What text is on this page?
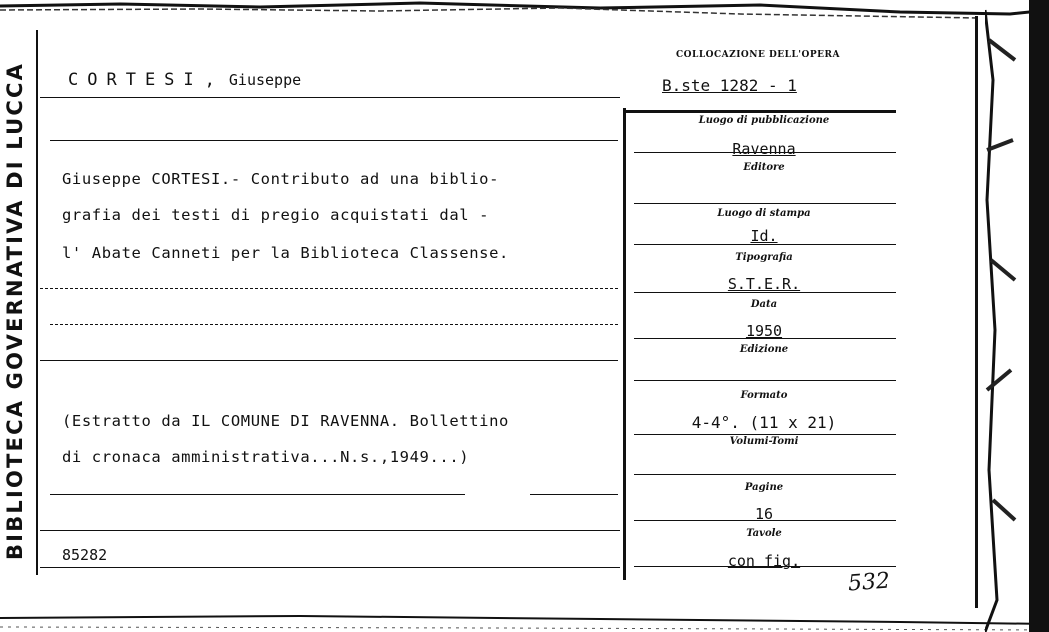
BIBLIOTECA GOVERNATIVA DI LUCCA
COLLOCAZIONE DELL'OPERA
B.ste 1282 - 1
CORTESI , Giuseppe
Giuseppe CORTESI.- Contributo ad una biblio-
grafia dei testi di pregio acquistati dal -
l' Abate Canneti per la Biblioteca Classense.
(Estratto da IL COMUNE DI RAVENNA. Bollettino
di cronaca amministrativa...N.s.,1949...)
85282
Luogo di pubblicazione
Ravenna
Editore
Luogo di stampa
Id.
Tipografia
S.T.E.R.
Data
1950
Edizione
Formato
4-4°. (11 x 21)
Volumi-Tomi
Pagine
16
Tavole
con fig.
532
